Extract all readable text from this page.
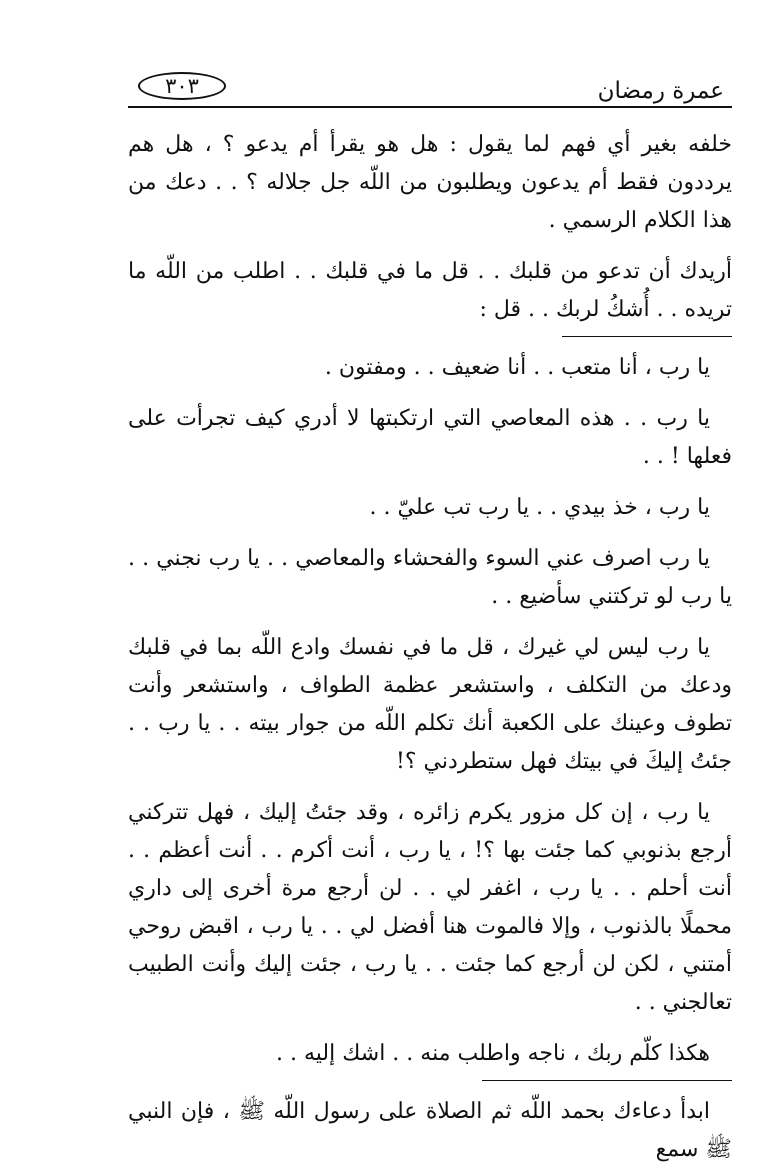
عمرة رمضان
٣٠٣

خلفه بغير أي فهم لما يقول : هل هو يقرأ أم يدعو ؟ ، هل هم يرددون فقط أم يدعون ويطلبون من اللّه جل جلاله ؟ . . دعك من هذا الكلام الرسمي .

أريدك أن تدعو من قلبك . . قل ما في قلبك . . اطلب من اللّه ما تريده . . أُشكُ لربك . . قل :

يا رب ، أنا متعب . . أنا ضعيف . . ومفتون .

يا رب . . هذه المعاصي التي ارتكبتها لا أدري كيف تجرأت على فعلها ! . .

يا رب ، خذ بيدي . . يا رب تب عليّ . .

يا رب اصرف عني السوء والفحشاء والمعاصي . . يا رب نجني . . يا رب لو تركتني سأضيع . .

يا رب ليس لي غيرك ، قل ما في نفسك وادع اللّه بما في قلبك ودعك من التكلف ، واستشعر عظمة الطواف ، واستشعر وأنت تطوف وعينك على الكعبة أنك تكلم اللّه من جوار بيته . . يا رب . . جئتُ إليكَ في بيتك فهل ستطردني ؟!

يا رب ، إن كل مزور يكرم زائره ، وقد جئتُ إليك ، فهل تتركني أرجع بذنوبي كما جئت بها ؟! ، يا رب ، أنت أكرم . . أنت أعظم . . أنت أحلم . . يا رب ، اغفر لي . . لن أرجع مرة أخرى إلى داري محملًا بالذنوب ، وإلا فالموت هنا أفضل لي . . يا رب ، اقبض روحي أمتني ، لكن لن أرجع كما جئت . . يا رب ، جئت إليك وأنت الطبيب تعالجني . .

هكذا كلّم ربك ، ناجه واطلب منه . . اشك إليه . .

ابدأ دعاءك بحمد اللّه ثم الصلاة على رسول اللّه ﷺ ، فإن النبي ﷺ سمع
